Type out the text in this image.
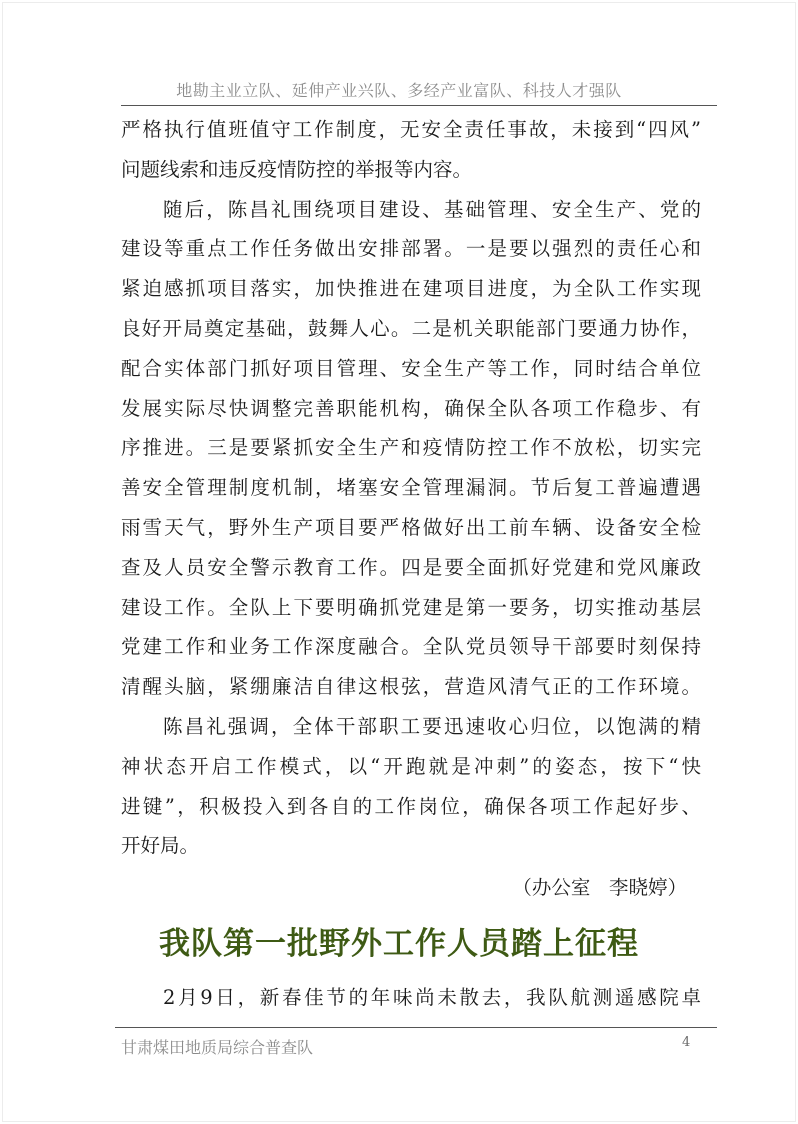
地勘主业立队、延伸产业兴队、多经产业富队、科技人才强队
严格执行值班值守工作制度，无安全责任事故，未接到“四风”
问题线索和违反疫情防控的举报等内容。
随后，陈昌礼围绕项目建设、基础管理、安全生产、党的
建设等重点工作任务做出安排部署。一是要以强烈的责任心和
紧迫感抓项目落实，加快推进在建项目进度，为全队工作实现
良好开局奠定基础，鼓舞人心。二是机关职能部门要通力协作，
配合实体部门抓好项目管理、安全生产等工作，同时结合单位
发展实际尽快调整完善职能机构，确保全队各项工作稳步、有
序推进。三是要紧抓安全生产和疫情防控工作不放松，切实完
善安全管理制度机制，堵塞安全管理漏洞。节后复工普遍遭遇
雨雪天气，野外生产项目要严格做好出工前车辆、设备安全检
查及人员安全警示教育工作。四是要全面抓好党建和党风廉政
建设工作。全队上下要明确抓党建是第一要务，切实推动基层
党建工作和业务工作深度融合。全队党员领导干部要时刻保持
清醒头脑，紧绷廉洁自律这根弦，营造风清气正的工作环境。
陈昌礼强调，全体干部职工要迅速收心归位，以饱满的精
神状态开启工作模式，以“开跑就是冲刺”的姿态，按下“快
进键”，积极投入到各自的工作岗位，确保各项工作起好步、
开好局。
（办公室   李晓婷）
我队第一批野外工作人员踏上征程
2月9日，新春佳节的年味尚未散去，我队航测遥感院卓
甘肃煤田地质局综合普查队	4
